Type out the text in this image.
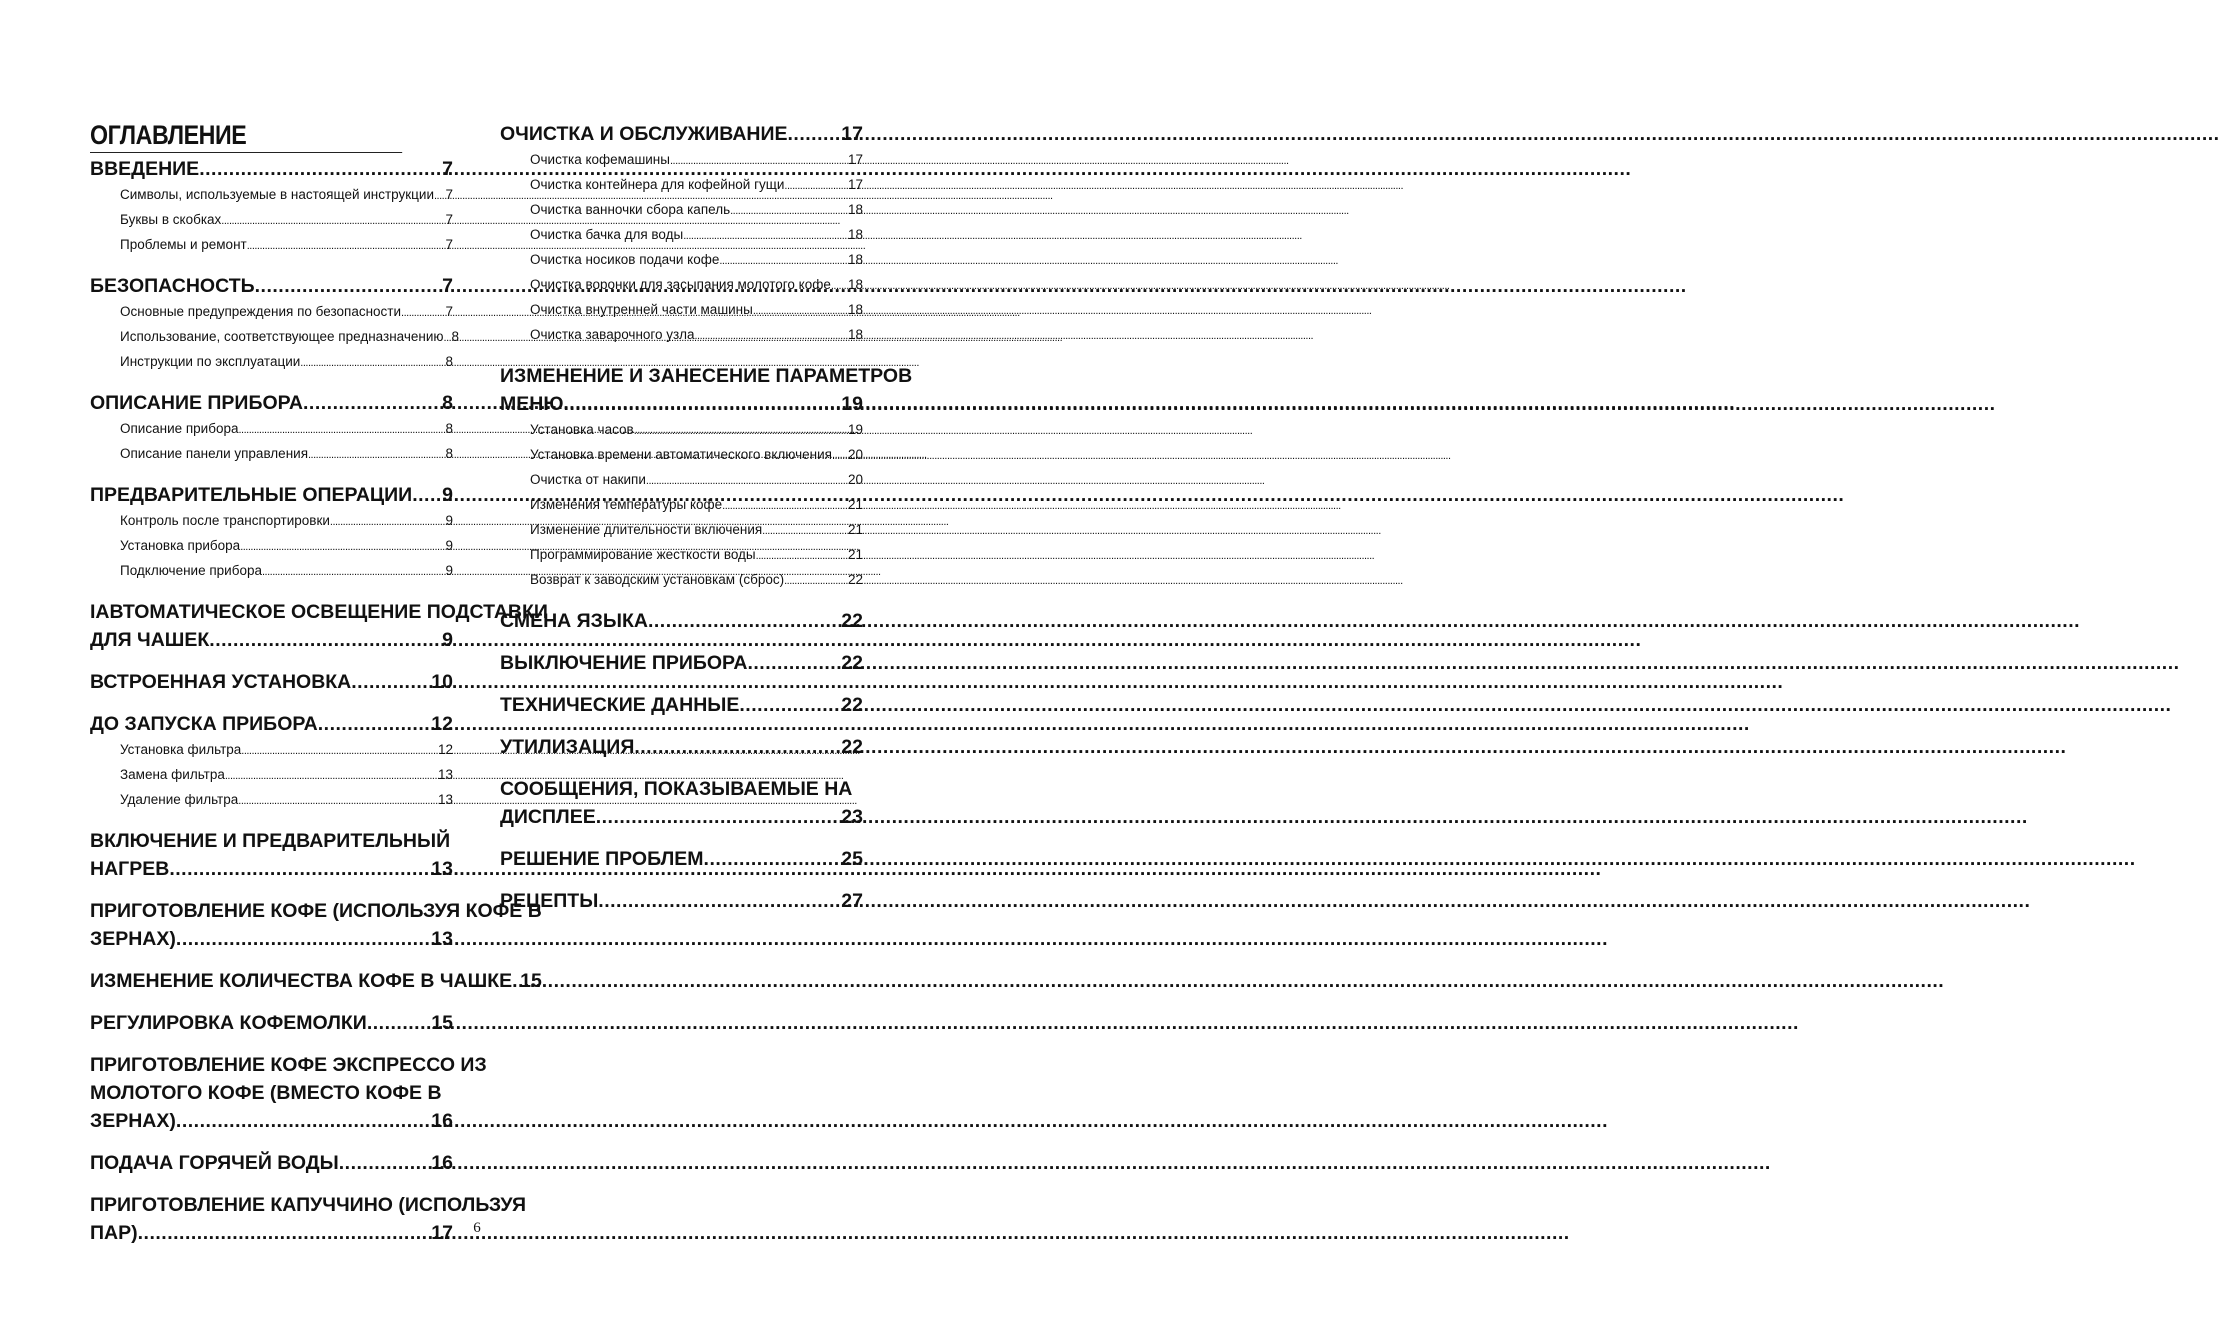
ОГЛАВЛЕНИЕ
ВВЕДЕНИЕ .....	7
Символы, используемые в настоящей инструкции ..... 7
Буквы в скобках .....	7
Проблемы и ремонт .....	7
БЕЗОПАСНОСТЬ .....	7
Основные предупреждения по безопасности .....	7
Использование, соответствующее предназначению ..... 8
Инструкции по эксплуатации .....	8
ОПИСАНИЕ ПРИБОРА .....	8
Описание прибора .....	8
Описание панели управления .....	8
ПРЕДВАРИТЕЛЬНЫЕ ОПЕРАЦИИ ..... 9
Контроль после транспортировки .....	9
Установка прибора .....	9
Подключение прибора .....	9
IАВТОМАТИЧЕСКОЕ ОСВЕЩЕНИЕ ПОДСТАВКИ
ДЛЯ ЧАШЕК .....	9
ВСТРОЕННАЯ УСТАНОВКА .....	10
ДО ЗАПУСКА ПРИБОРА .....	12
Установка фильтра .....	12
Замена фильтра .....	13
Удаление фильтра .....	13
ВКЛЮЧЕНИЕ И ПРЕДВАРИТЕЛЬНЫЙ
НАГРЕВ .....	13
ПРИГОТОВЛЕНИЕ КОФЕ (ИСПОЛЬЗУЯ КОФЕ В
ЗЕРНАХ) .....	13
ИЗМЕНЕНИЕ КОЛИЧЕСТВА КОФЕ В ЧАШКЕ ..... 15
РЕГУЛИРОВКА КОФЕМОЛКИ .....	15
ПРИГОТОВЛЕНИЕ КОФЕ ЭКСПРЕССО ИЗ
МОЛОТОГО КОФЕ (ВМЕСТО КОФЕ В
ЗЕРНАХ) .....	16
ПОДАЧА ГОРЯЧЕЙ ВОДЫ .....	16
ПРИГОТОВЛЕНИЕ КАПУЧЧИНО (ИСПОЛЬЗУЯ
ПАР) .....	17
ОЧИСТКА И ОБСЛУЖИВАНИЕ .....	17
Очистка кофемашины .....	17
Очистка контейнера для кофейной гущи .....	17
Очистка ванночки сбора капель .....	18
Очистка бачка для воды .....	18
Очистка носиков подачи кофе .....	18
Очистка воронки для засыпания молотого кофе ..... 18
Очистка внутренней части машины .....	18
Очистка заварочного узла .....	18
ИЗМЕНЕНИЕ И ЗАНЕСЕНИЕ ПАРАМЕТРОВ
МЕНЮ .....	19
Установка часов .....	19
Установка времени автоматического включения ..... 20
Очистка от накипи .....	20
Изменения температуры кофе .....	21
Изменение длительности включения .....	21
Программирование жесткости воды .....	21
Возврат к заводским установкам (сброс) .....	22
СМЕНА ЯЗЫКА .....	22
ВЫКЛЮЧЕНИЕ ПРИБОРА .....	22
ТЕХНИЧЕСКИЕ ДАННЫЕ .....	22
УТИЛИЗАЦИЯ .....	22
СООБЩЕНИЯ, ПОКАЗЫВАЕМЫЕ НА
ДИСПЛЕЕ .....	23
РЕШЕНИЕ ПРОБЛЕМ .....	25
РЕЦЕПТЫ .....	27
6
